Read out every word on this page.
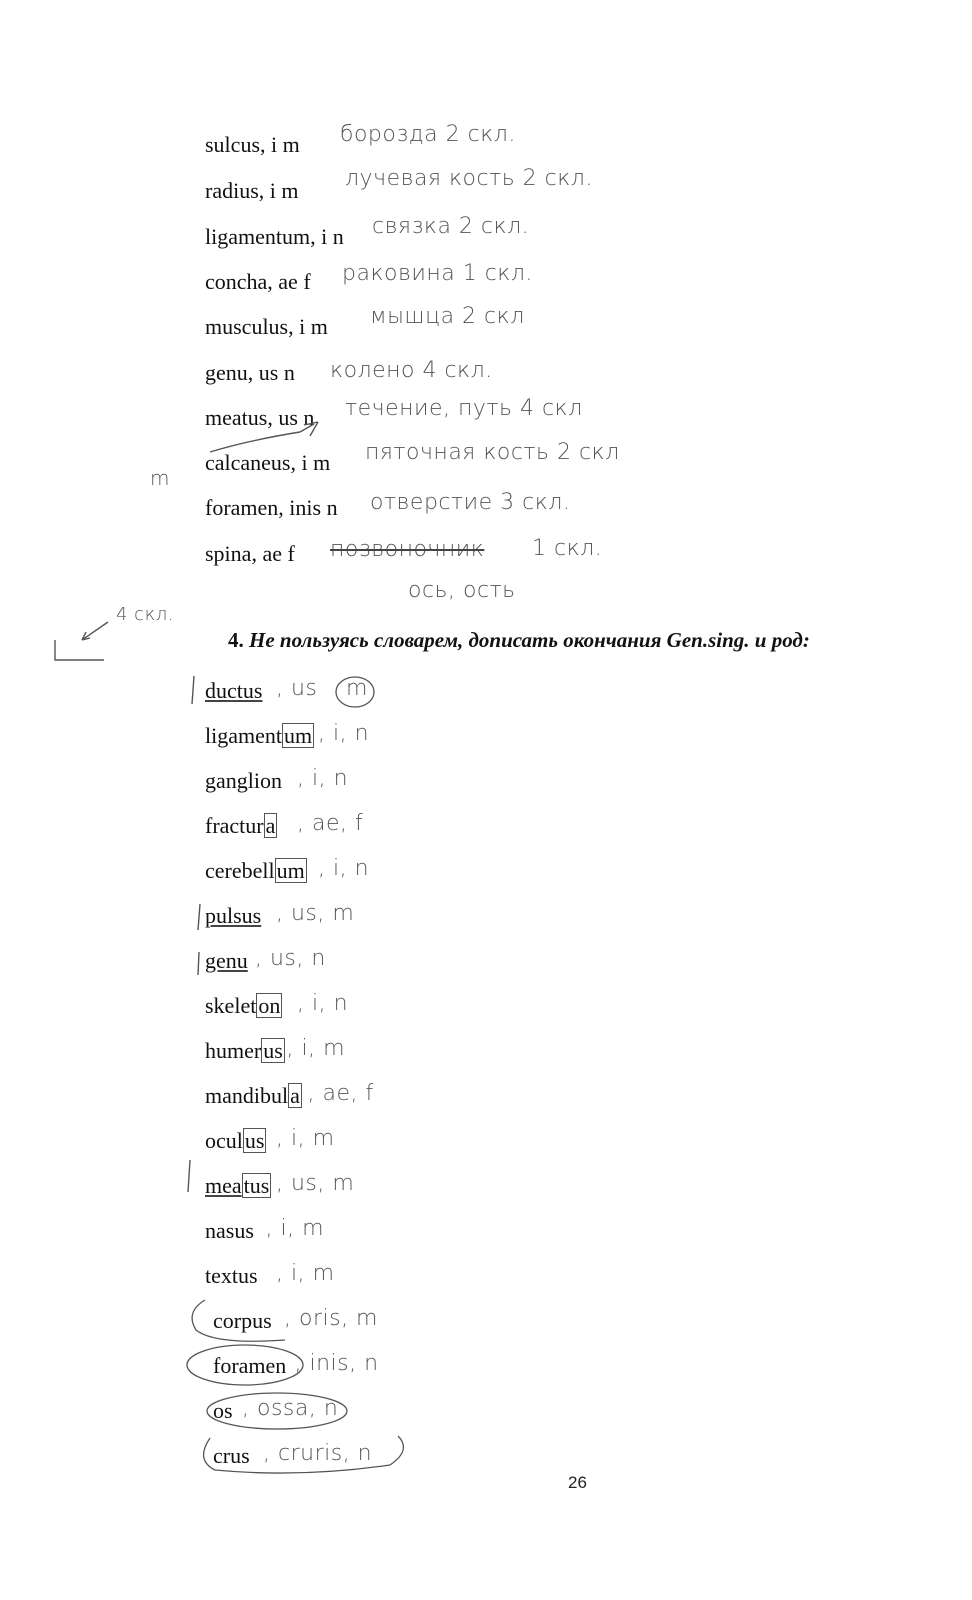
sulcus, i m борозда 2 скл.
radius, i m лучевая кость 2 скл.
ligamentum, i n связка 2 скл.
concha, ae f раковина 1 скл.
musculus, i m мышца 2 скл
genu, us n колено 4 скл.
meatus, us n течение, путь 4 скл
calcaneus, i m пяточная кость 2 скл
foramen, inis n отверстие 3 скл.
spina, ae f позвоночник 1 скл.
ось, ость
m
4 скл.
4. Не пользуясь словарем, дописать окончания Gen.sing. и род:
ductus , us m
ligamentum , i, n
ganglion , i, n
fractura , ae, f
cerebellum , i, n
pulsus , us, m
genu , us, n
skeleton , i, n
humerus , i, m
mandibula , ae, f
oculus , i, m
meatus , us, m
nasus , i, m
textus , i, m
corpus , oris, m
foramen , inis, n
os , ossa, n
crus , cruris, n
26
